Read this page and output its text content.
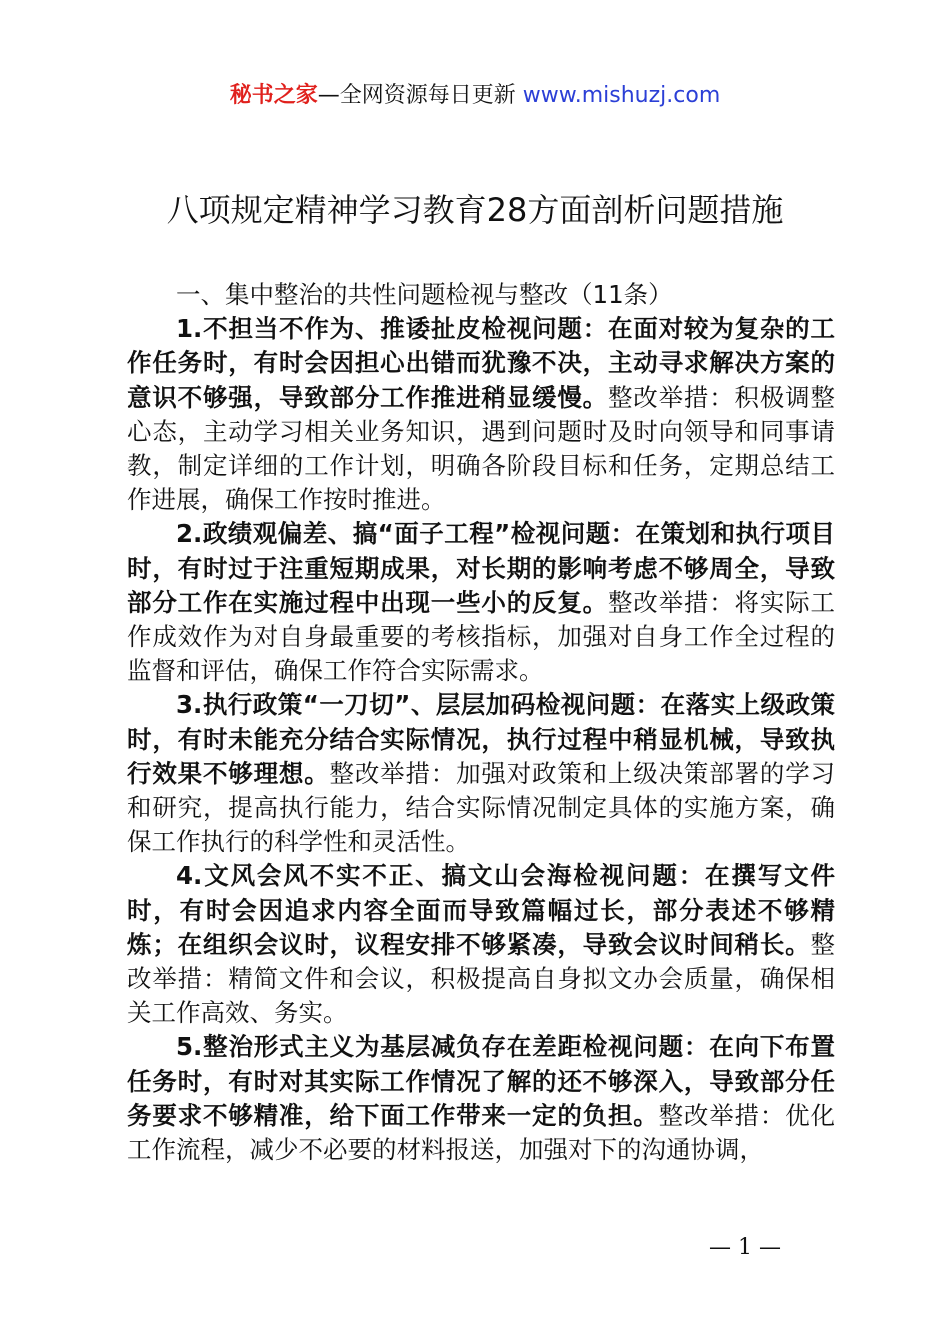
秘书之家—全网资源每日更新 www.mishuzj.com
八项规定精神学习教育28方面剖析问题措施

一、集中整治的共性问题检视与整改（11条）

1.不担当不作为、推诿扯皮检视问题：在面对较为复杂的工作任务时，有时会因担心出错而犹豫不决，主动寻求解决方案的意识不够强，导致部分工作推进稍显缓慢。整改举措：积极调整心态，主动学习相关业务知识，遇到问题时及时向领导和同事请教，制定详细的工作计划，明确各阶段目标和任务，定期总结工作进展，确保工作按时推进。

2.政绩观偏差、搞“面子工程”检视问题：在策划和执行项目时，有时过于注重短期成果，对长期的影响考虑不够周全，导致部分工作在实施过程中出现一些小的反复。整改举措：将实际工作成效作为对自身最重要的考核指标，加强对自身工作全过程的监督和评估，确保工作符合实际需求。

3.执行政策“一刀切”、层层加码检视问题：在落实上级政策时，有时未能充分结合实际情况，执行过程中稍显机械，导致执行效果不够理想。整改举措：加强对政策和上级决策部署的学习和研究，提高执行能力，结合实际情况制定具体的实施方案，确保工作执行的科学性和灵活性。

4.文风会风不实不正、搞文山会海检视问题：在撰写文件时，有时会因追求内容全面而导致篇幅过长，部分表述不够精炼；在组织会议时，议程安排不够紧凑，导致会议时间稍长。整改举措：精简文件和会议，积极提高自身拟文办会质量，确保相关工作高效、务实。

5.整治形式主义为基层减负存在差距检视问题：在向下布置任务时，有时对其实际工作情况了解的还不够深入，导致部分任务要求不够精准，给下面工作带来一定的负担。整改举措：优化工作流程，减少不必要的材料报送，加强对下的沟通协调，

— 1 —
